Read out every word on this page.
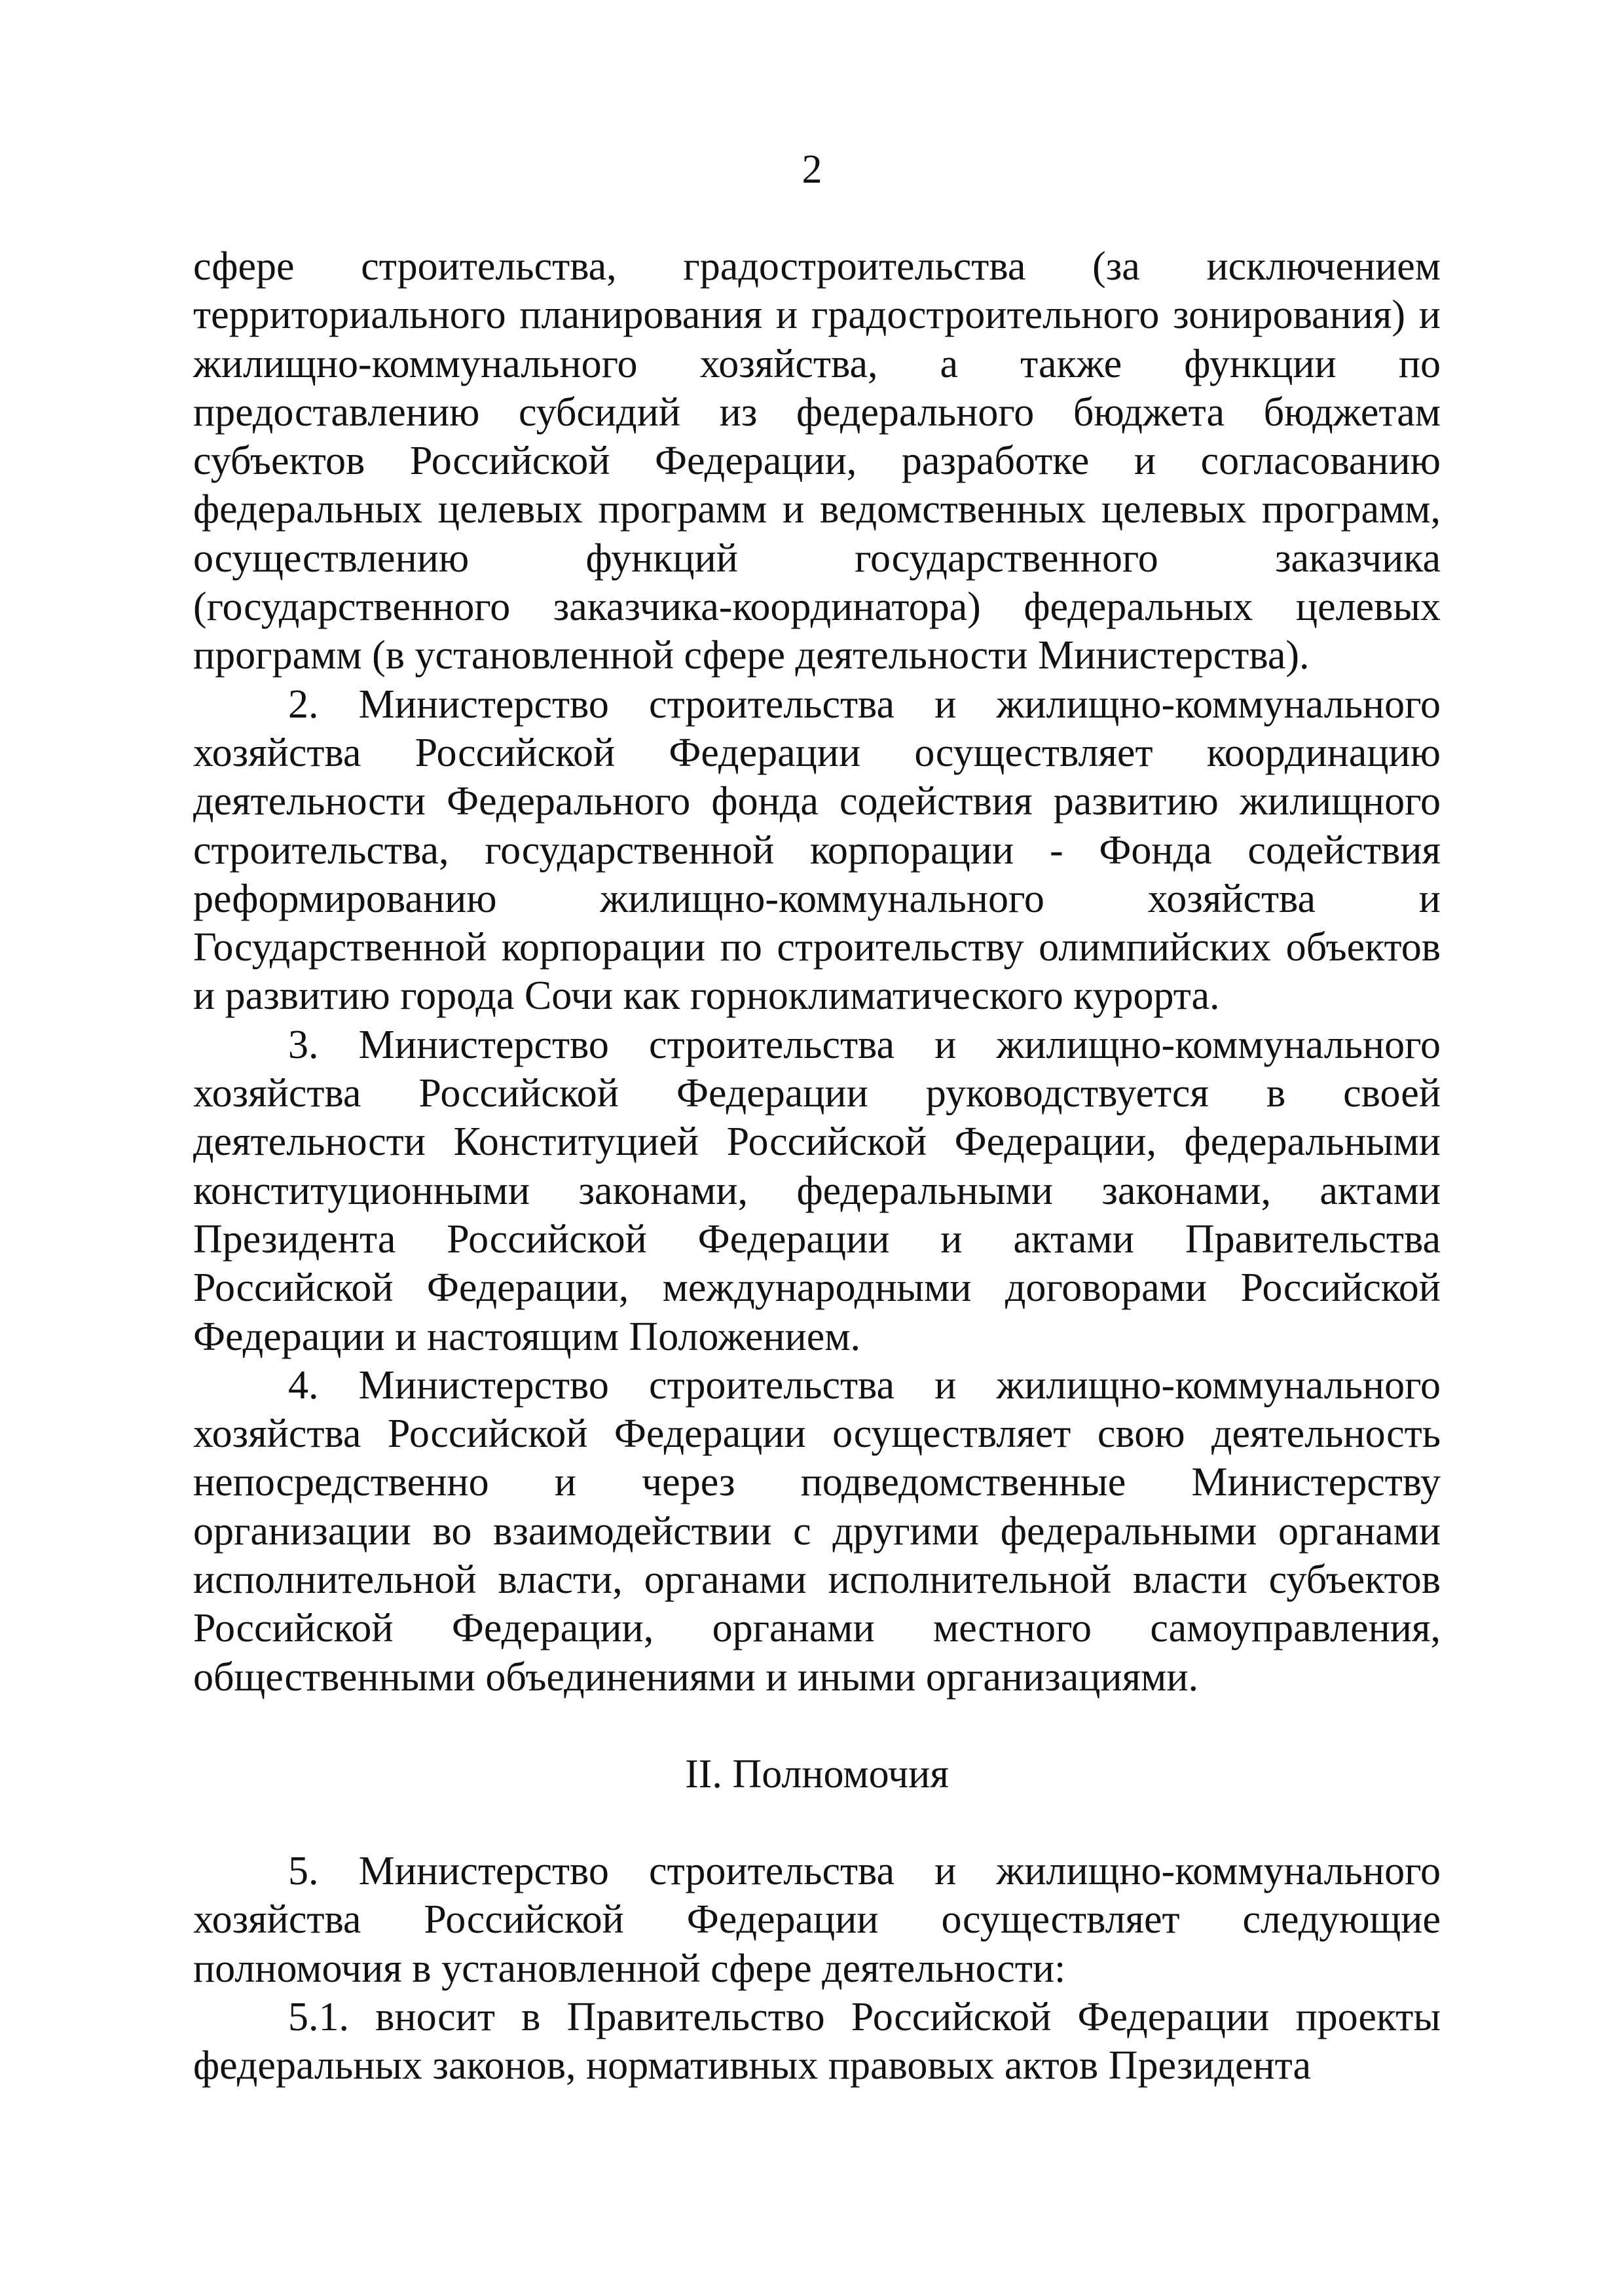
2

сфере строительства, градостроительства (за исключением территориального планирования и градостроительного зонирования) и жилищно-коммунального хозяйства, а также функции по предоставлению субсидий из федерального бюджета бюджетам субъектов Российской Федерации, разработке и согласованию федеральных целевых программ и ведомственных целевых программ, осуществлению функций государственного заказчика (государственного заказчика-координатора) федеральных целевых программ (в установленной сфере деятельности Министерства).

2. Министерство строительства и жилищно-коммунального хозяйства Российской Федерации осуществляет координацию деятельности Федерального фонда содействия развитию жилищного строительства, государственной корпорации - Фонда содействия реформированию жилищно-коммунального хозяйства и Государственной корпорации по строительству олимпийских объектов и развитию города Сочи как горноклиматического курорта.

3. Министерство строительства и жилищно-коммунального хозяйства Российской Федерации руководствуется в своей деятельности Конституцией Российской Федерации, федеральными конституционными законами, федеральными законами, актами Президента Российской Федерации и актами Правительства Российской Федерации, международными договорами Российской Федерации и настоящим Положением.

4. Министерство строительства и жилищно-коммунального хозяйства Российской Федерации осуществляет свою деятельность непосредственно и через подведомственные Министерству организации во взаимодействии с другими федеральными органами исполнительной власти, органами исполнительной власти субъектов Российской Федерации, органами местного самоуправления, общественными объединениями и иными организациями.

II. Полномочия

5. Министерство строительства и жилищно-коммунального хозяйства Российской Федерации осуществляет следующие полномочия в установленной сфере деятельности:

5.1. вносит в Правительство Российской Федерации проекты федеральных законов, нормативных правовых актов Президента
